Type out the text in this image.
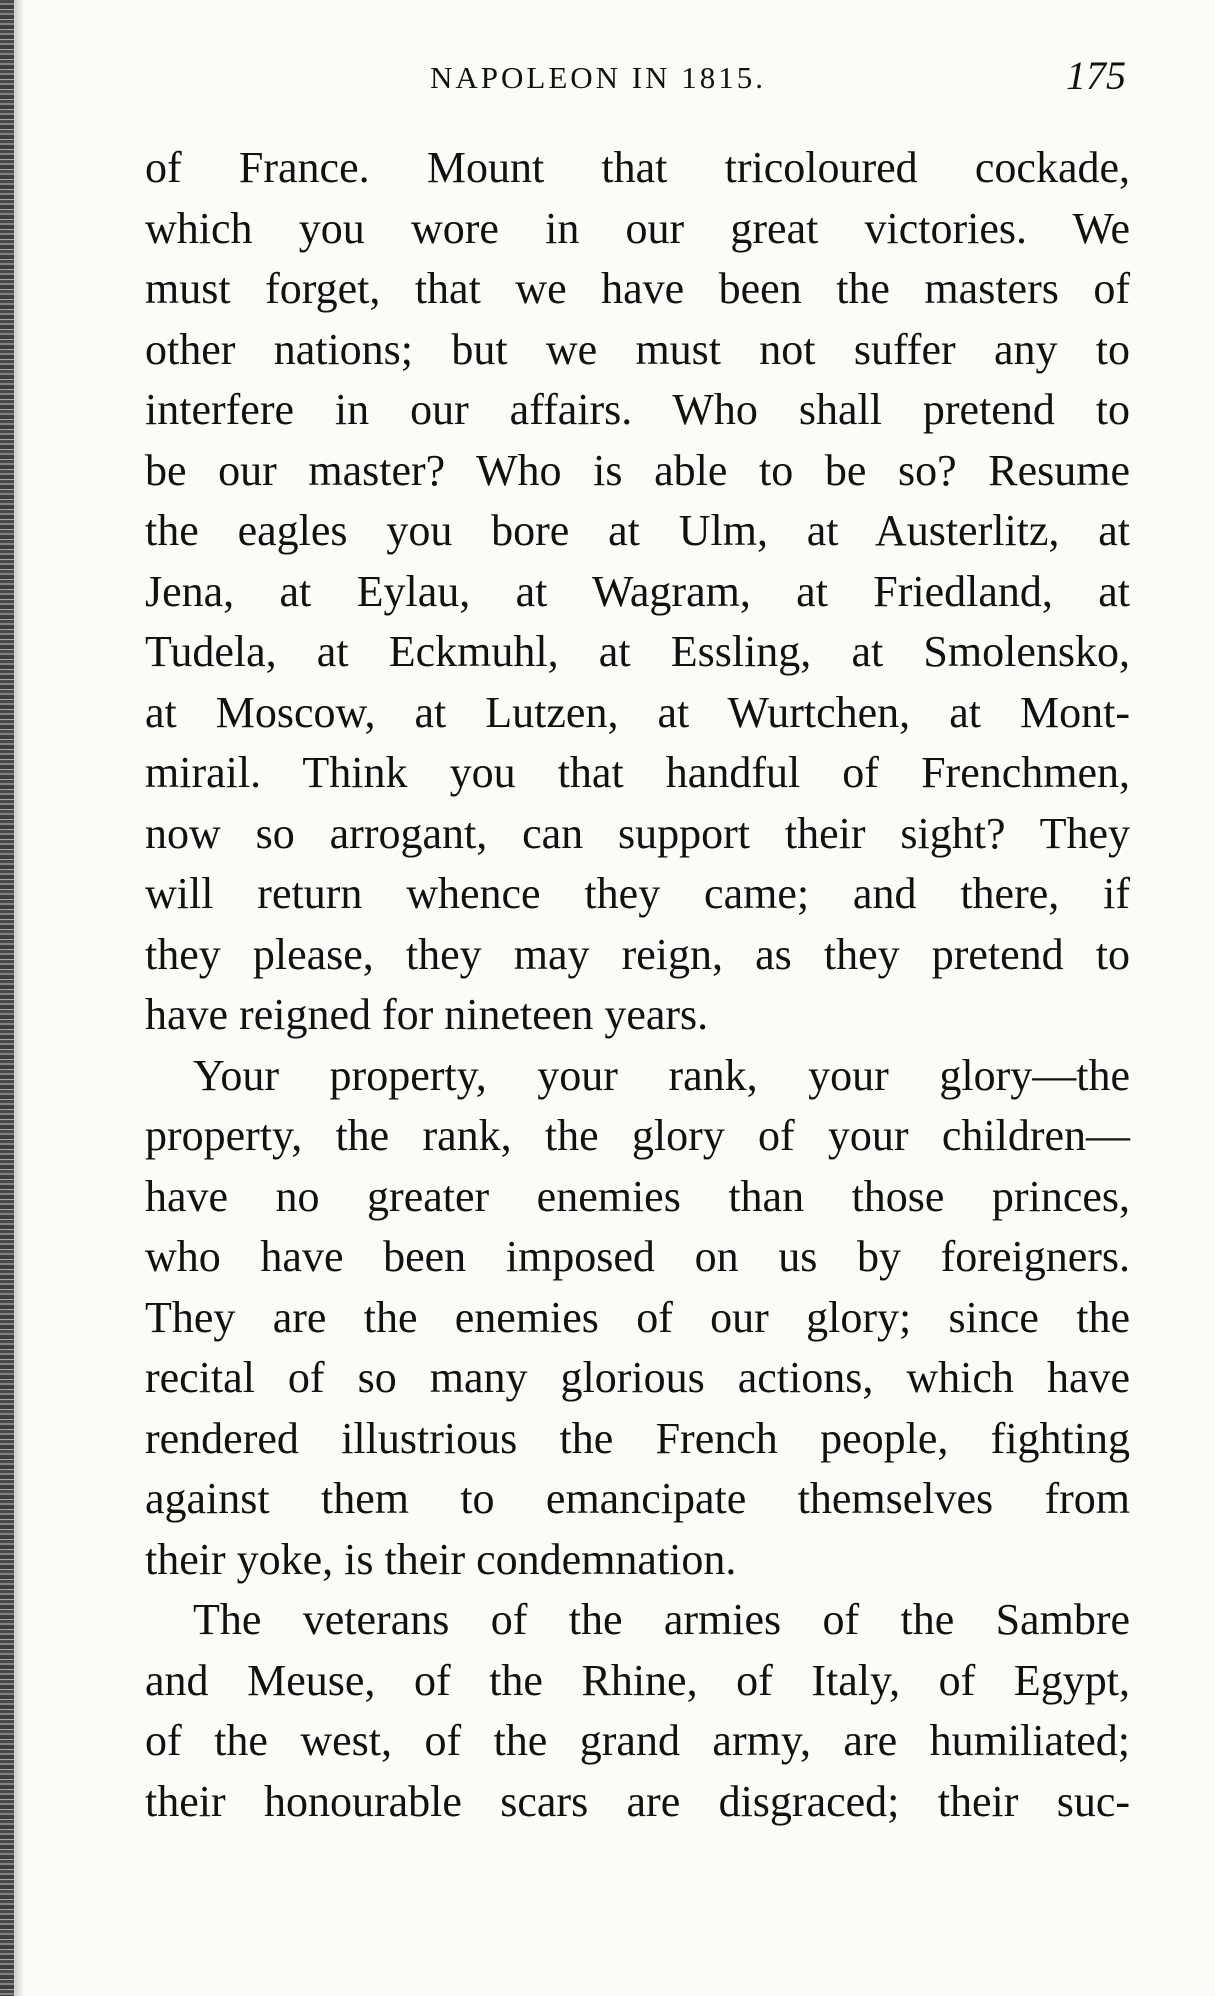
NAPOLEON IN 1815.	175
of France. Mount that tricoloured cockade,
which you wore in our great victories. We
must forget, that we have been the masters of
other nations; but we must not suffer any to
interfere in our affairs. Who shall pretend to
be our master? Who is able to be so? Resume
the eagles you bore at Ulm, at Austerlitz, at
Jena, at Eylau, at Wagram, at Friedland, at
Tudela, at Eckmuhl, at Essling, at Smolensko,
at Moscow, at Lutzen, at Wurtchen, at Mont-
mirail. Think you that handful of Frenchmen,
now so arrogant, can support their sight? They
will return whence they came; and there, if
they please, they may reign, as they pretend to
have reigned for nineteen years.
Your property, your rank, your glory—the
property, the rank, the glory of your children—
have no greater enemies than those princes,
who have been imposed on us by foreigners.
They are the enemies of our glory; since the
recital of so many glorious actions, which have
rendered illustrious the French people, fighting
against them to emancipate themselves from
their yoke, is their condemnation.
The veterans of the armies of the Sambre
and Meuse, of the Rhine, of Italy, of Egypt,
of the west, of the grand army, are humiliated;
their honourable scars are disgraced; their suc-
